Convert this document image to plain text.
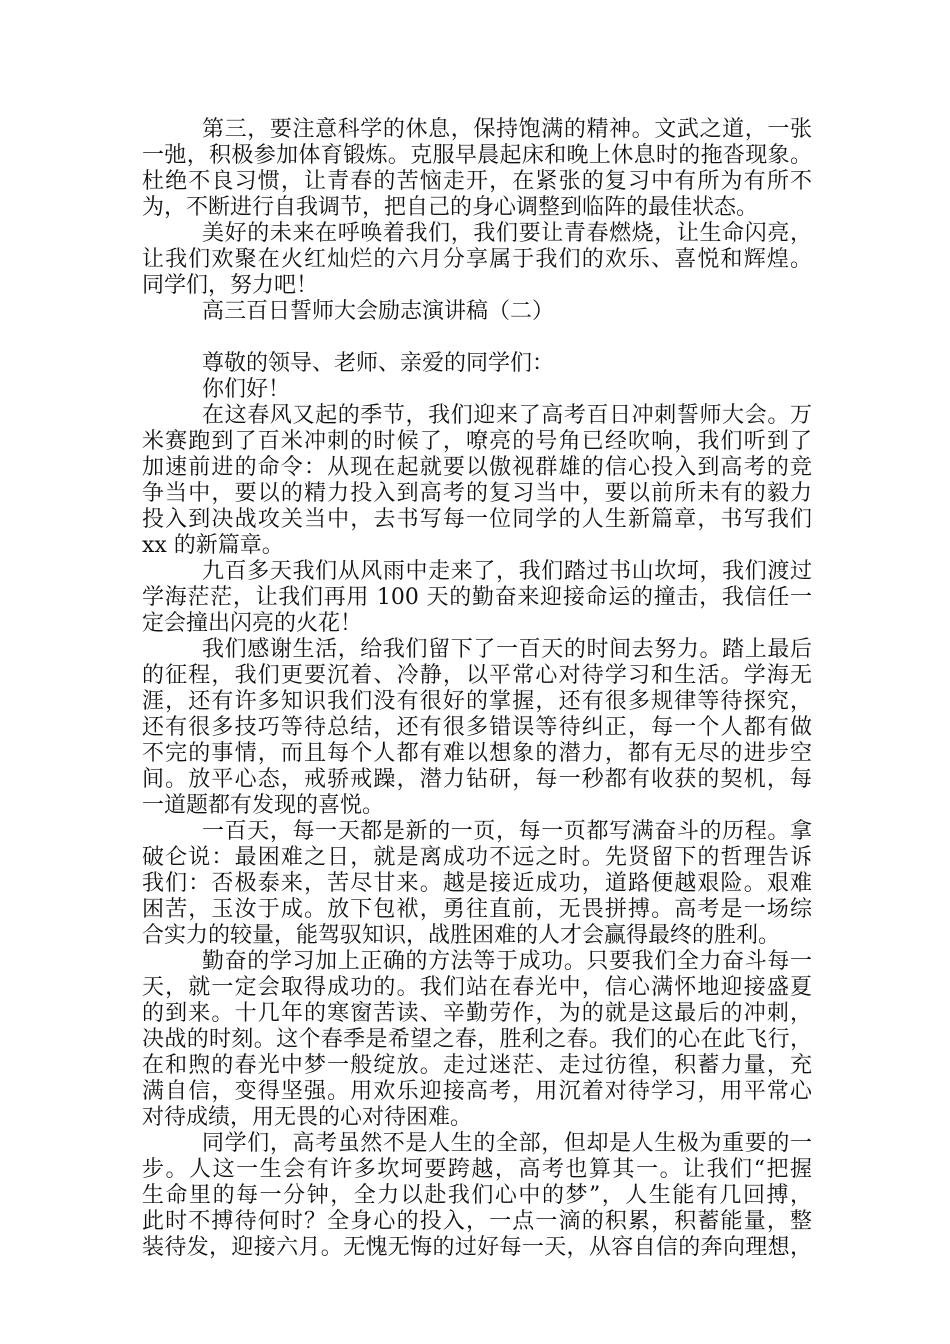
第三，要注意科学的休息，保持饱满的精神。文武之道，一张
一弛，积极参加体育锻炼。克服早晨起床和晚上休息时的拖沓现象。
杜绝不良习惯，让青春的苦恼走开，在紧张的复习中有所为有所不
为，不断进行自我调节，把自己的身心调整到临阵的最佳状态。
美好的未来在呼唤着我们，我们要让青春燃烧，让生命闪亮，
让我们欢聚在火红灿烂的六月分享属于我们的欢乐、喜悦和辉煌。
同学们，努力吧！
高三百日誓师大会励志演讲稿（二）
尊敬的领导、老师、亲爱的同学们：
你们好！
在这春风又起的季节，我们迎来了高考百日冲刺誓师大会。万
米赛跑到了百米冲刺的时候了，嘹亮的号角已经吹响，我们听到了
加速前进的命令：从现在起就要以傲视群雄的信心投入到高考的竞
争当中，要以的精力投入到高考的复习当中，要以前所未有的毅力
投入到决战攻关当中，去书写每一位同学的人生新篇章，书写我们
xx 的新篇章。
九百多天我们从风雨中走来了，我们踏过书山坎坷，我们渡过
学海茫茫，让我们再用 100 天的勤奋来迎接命运的撞击，我信任一
定会撞出闪亮的火花！
我们感谢生活，给我们留下了一百天的时间去努力。踏上最后
的征程，我们更要沉着、冷静，以平常心对待学习和生活。学海无
涯，还有许多知识我们没有很好的掌握，还有很多规律等待探究，
还有很多技巧等待总结，还有很多错误等待纠正，每一个人都有做
不完的事情，而且每个人都有难以想象的潜力，都有无尽的进步空
间。放平心态，戒骄戒躁，潜力钻研，每一秒都有收获的契机，每
一道题都有发现的喜悦。
一百天，每一天都是新的一页，每一页都写满奋斗的历程。拿
破仑说：最困难之日，就是离成功不远之时。先贤留下的哲理告诉
我们：否极泰来，苦尽甘来。越是接近成功，道路便越艰险。艰难
困苦，玉汝于成。放下包袱，勇往直前，无畏拼搏。高考是一场综
合实力的较量，能驾驭知识，战胜困难的人才会赢得最终的胜利。
勤奋的学习加上正确的方法等于成功。只要我们全力奋斗每一
天，就一定会取得成功的。我们站在春光中，信心满怀地迎接盛夏
的到来。十几年的寒窗苦读、辛勤劳作，为的就是这最后的冲刺，
决战的时刻。这个春季是希望之春，胜利之春。我们的心在此飞行，
在和煦的春光中梦一般绽放。走过迷茫、走过彷徨，积蓄力量，充
满自信，变得坚强。用欢乐迎接高考，用沉着对待学习，用平常心
对待成绩，用无畏的心对待困难。
同学们，高考虽然不是人生的全部，但却是人生极为重要的一
步。人这一生会有许多坎坷要跨越，高考也算其一。让我们“把握
生命里的每一分钟，全力以赴我们心中的梦”，人生能有几回搏，
此时不搏待何时？全身心的投入，一点一滴的积累，积蓄能量，整
装待发，迎接六月。无愧无悔的过好每一天，从容自信的奔向理想，
